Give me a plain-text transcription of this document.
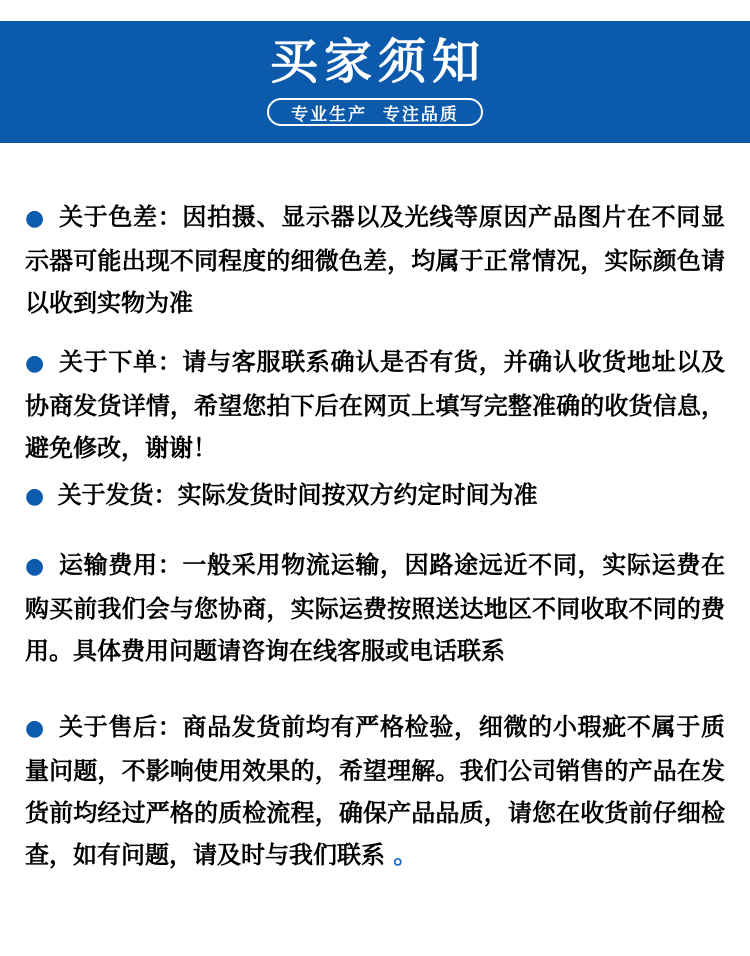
买家须知
专业生产  专注品质

● 关于色差：因拍摄、显示器以及光线等原因产品图片在不同显示器可能出现不同程度的细微色差，均属于正常情况，实际颜色请以收到实物为准

● 关于下单：请与客服联系确认是否有货，并确认收货地址以及协商发货详情，希望您拍下后在网页上填写完整准确的收货信息，避免修改，谢谢！

● 关于发货：实际发货时间按双方约定时间为准

● 运输费用：一般采用物流运输，因路途远近不同，实际运费在购买前我们会与您协商，实际运费按照送达地区不同收取不同的费用。具体费用问题请咨询在线客服或电话联系

● 关于售后：商品发货前均有严格检验，细微的小瑕疵不属于质量问题，不影响使用效果的，希望理解。我们公司销售的产品在发货前均经过严格的质检流程，确保产品品质，请您在收货前仔细检查，如有问题，请及时与我们联系 。
